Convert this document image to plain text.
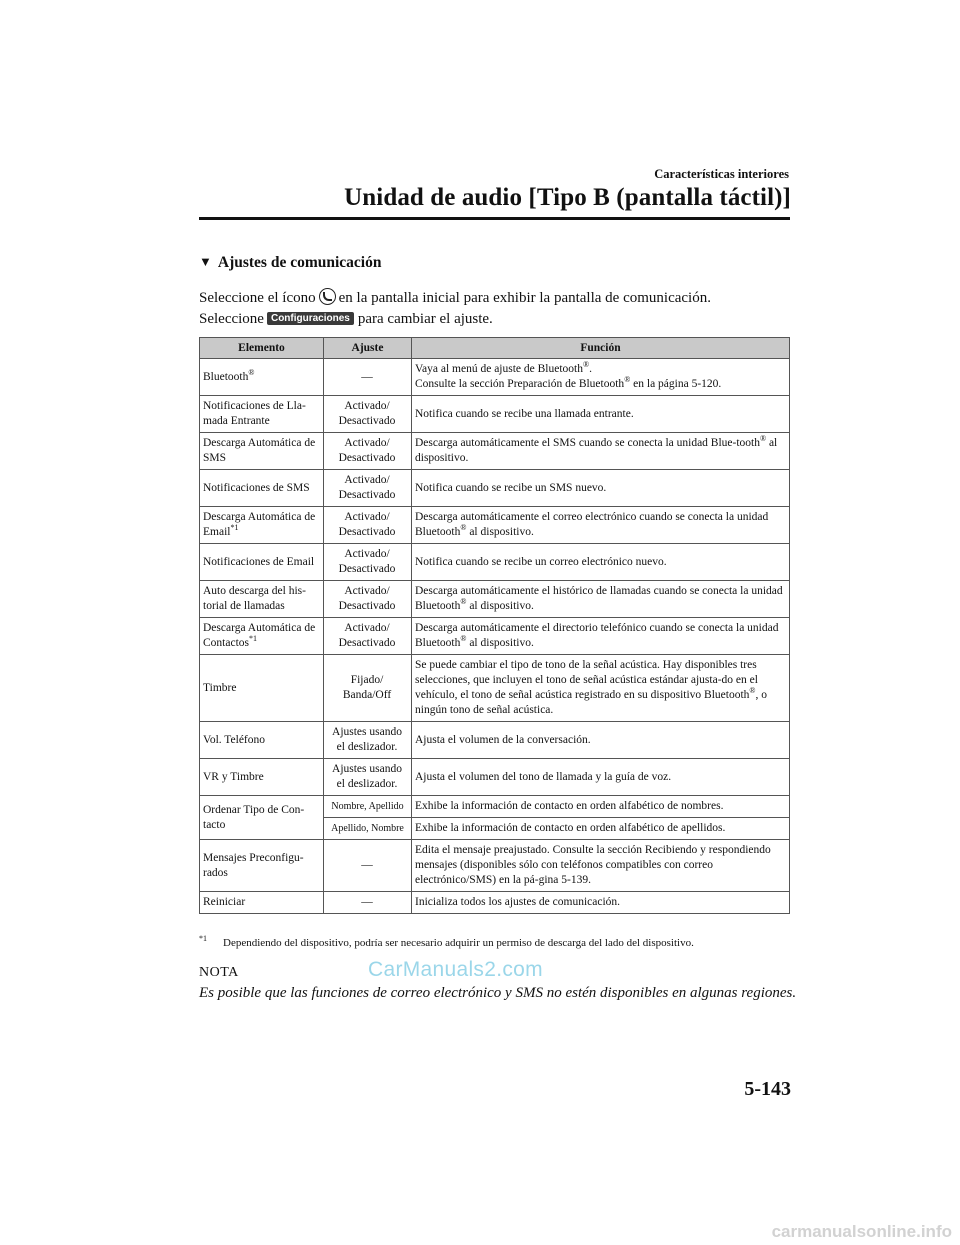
Características interiores
Unidad de audio [Tipo B (pantalla táctil)]
▼ Ajustes de comunicación
Seleccione el ícono en la pantalla inicial para exhibir la pantalla de comunicación.
Seleccione Configuraciones para cambiar el ajuste.
Elemento	Ajuste	Función
Bluetooth®	—	Vaya al menú de ajuste de Bluetooth®.
Consulte la sección Preparación de Bluetooth® en la página 5-120.
Notificaciones de Lla-mada Entrante	Activado/ Desactivado	Notifica cuando se recibe una llamada entrante.
Descarga Automática de SMS	Activado/ Desactivado	Descarga automáticamente el SMS cuando se conecta la unidad Blue-tooth® al dispositivo.
Notificaciones de SMS	Activado/ Desactivado	Notifica cuando se recibe un SMS nuevo.
Descarga Automática de Email$^{*1}$	Activado/ Desactivado	Descarga automáticamente el correo electrónico cuando se conecta la unidad Bluetooth® al dispositivo.
Notificaciones de Email	Activado/ Desactivado	Notifica cuando se recibe un correo electrónico nuevo.
Auto descarga del his-torial de llamadas	Activado/ Desactivado	Descarga automáticamente el histórico de llamadas cuando se conecta la unidad Bluetooth® al dispositivo.
Descarga Automática de Contactos$^{*1}$	Activado/ Desactivado	Descarga automáticamente el directorio telefónico cuando se conecta la unidad Bluetooth® al dispositivo.
Timbre	Fijado/ Banda/Off	Se puede cambiar el tipo de tono de la señal acústica. Hay disponibles tres selecciones, que incluyen el tono de señal acústica estándar ajusta-do en el vehículo, el tono de señal acústica registrado en su dispositivo Bluetooth®, o ningún tono de señal acústica.
Vol. Teléfono	Ajustes usando el deslizador.	Ajusta el volumen de la conversación.
VR y Timbre	Ajustes usando el deslizador.	Ajusta el volumen del tono de llamada y la guía de voz.
Ordenar Tipo de Con-tacto	Nombre, Apellido	Exhibe la información de contacto en orden alfabético de nombres.
	Apellido, Nombre	Exhibe la información de contacto en orden alfabético de apellidos.
Mensajes Preconfigu-rados	—	Edita el mensaje preajustado. Consulte la sección Recibiendo y respondiendo mensajes (disponibles sólo con teléfonos compatibles con correo electrónico/SMS) en la pá-gina 5-139.
Reiniciar	—	Inicializa todos los ajustes de comunicación.
$^{*1}$ Dependiendo del dispositivo, podría ser necesario adquirir un permiso de descarga del lado del dispositivo.
NOTA	CarManuals2.com
Es posible que las funciones de correo electrónico y SMS no estén disponibles en algunas regiones.
5-143
carmanualsonline.info
